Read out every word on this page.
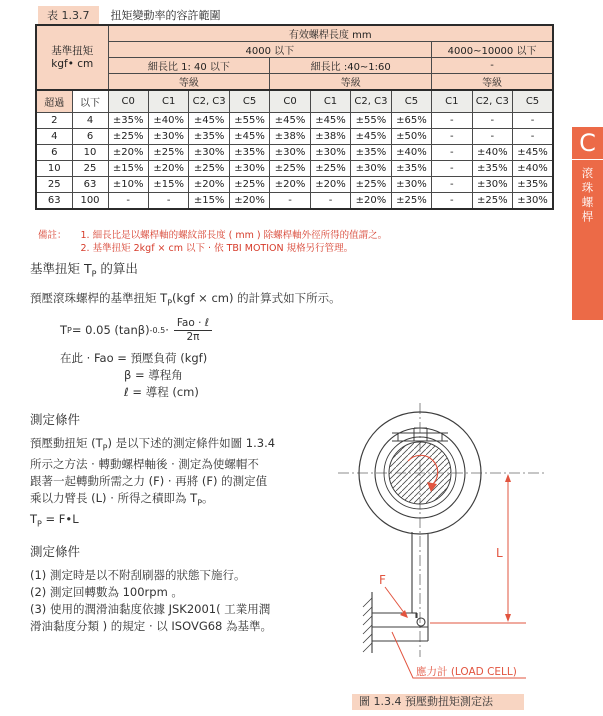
表 1.3.7	扭矩變動率的容許範圍
基準扭矩
kgf• cm		有效螺桿長度 mm										
		4000 以下								4000~10000 以下		
		細長比 1: 40 以下				細長比 :40~1:60				-		
		等級				等級				等級		
超過	以下	C0	C1	C2, C3	C5	C0	C1	C2, C3	C5	C1	C2, C3	C5
2	4	±35%	±40%	±45%	±55%	±45%	±45%	±55%	±65%	-	-	-
4	6	±25%	±30%	±35%	±45%	±38%	±38%	±45%	±50%	-	-	-
6	10	±20%	±25%	±30%	±35%	±30%	±30%	±35%	±40%	-	±40%	±45%
10	25	±15%	±20%	±25%	±30%	±25%	±25%	±30%	±35%	-	±35%	±40%
25	63	±10%	±15%	±20%	±25%	±20%	±20%	±25%	±30%	-	±30%	±35%
63	100	-	-	±15%	±20%	-	-	±20%	±25%	-	±25%	±30%
備註： 1. 細長比是以螺桿軸的螺紋部長度 ( mm ) 除螺桿軸外徑所得的值謂之。
2. 基準扭矩 2kgf × cm 以下 · 依 TBI MOTION 規格另行管理。
基準扭矩 $T_P$ 的算出

預壓滾珠螺桿的基準扭矩 $T_P(kgf \times cm)$ 的計算式如下所示。

T P = 0.05 (tanβ) $-0.5 \cdot \frac{\text{Fao · ℓ}}{2\pi}$
在此 · Fao = 預壓負荷 (kgf)
β = 導程角
ℓ = 導程 (cm)
測定條件

預壓動扭矩 $(T_P)$ 是以下述的測定條件如圖 1.3.4
所示之方法 · 轉動螺桿軸後 · 測定為使螺帽不
跟著一起轉動所需之力 (F) · 再將 (F) 的測定值
乘以力臂長 (L) · 所得之積即為 $T_P$。
$T_P$ = F•L

測定條件

(1) 測定時是以不附刮刷器的狀態下施行。
(2) 測定回轉數為 100rpm 。
(3) 使用的潤滑油黏度依據 JSK2001( 工業用潤
滑油黏度分類 ) 的規定 · 以 ISOVG68 為基準。

F
L
應力計 (LOAD CELL)
圖 1.3.4 預壓動扭矩測定法
C
滾珠螺桿
